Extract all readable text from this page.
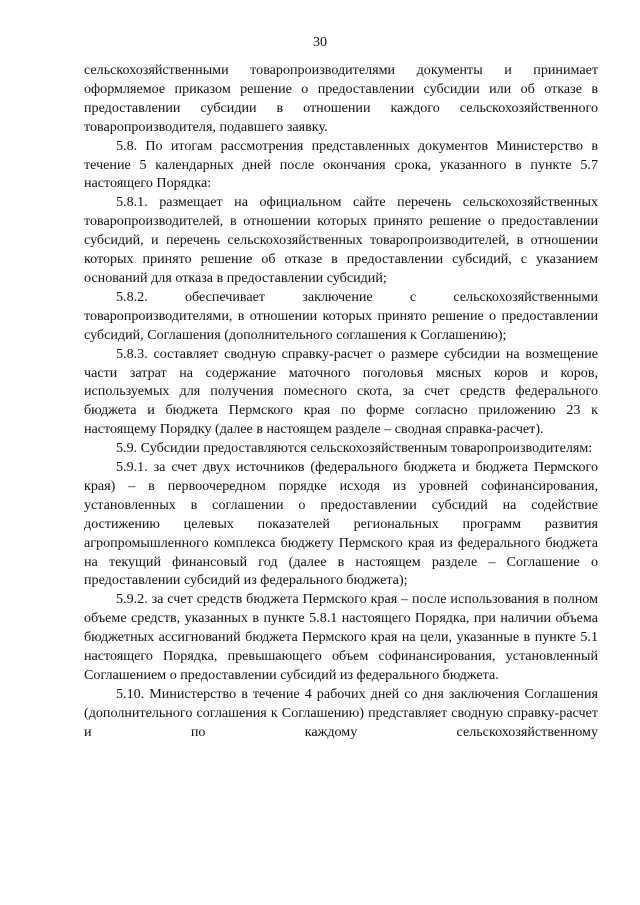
30

сельскохозяйственными товаропроизводителями документы и принимает оформляемое приказом решение о предоставлении субсидии или об отказе в предоставлении субсидии в отношении каждого сельскохозяйственного товаропроизводителя, подавшего заявку.

5.8. По итогам рассмотрения представленных документов Министерство в течение 5 календарных дней после окончания срока, указанного в пункте 5.7 настоящего Порядка:

5.8.1. размещает на официальном сайте перечень сельскохозяйственных товаропроизводителей, в отношении которых принято решение о предоставлении субсидий, и перечень сельскохозяйственных товаропроизводителей, в отношении которых принято решение об отказе в предоставлении субсидий, с указанием оснований для отказа в предоставлении субсидий;

5.8.2. обеспечивает заключение с сельскохозяйственными товаропроизводителями, в отношении которых принято решение о предоставлении субсидий, Соглашения (дополнительного соглашения к Соглашению);

5.8.3. составляет сводную справку-расчет о размере субсидии на возмещение части затрат на содержание маточного поголовья мясных коров и коров, используемых для получения помесного скота, за счет средств федерального бюджета и бюджета Пермского края по форме согласно приложению 23 к настоящему Порядку (далее в настоящем разделе – сводная справка-расчет).

5.9. Субсидии предоставляются сельскохозяйственным товаропроизводителям:

5.9.1. за счет двух источников (федерального бюджета и бюджета Пермского края) – в первоочередном порядке исходя из уровней софинансирования, установленных в соглашении о предоставлении субсидий на содействие достижению целевых показателей региональных программ развития агропромышленного комплекса бюджету Пермского края из федерального бюджета на текущий финансовый год (далее в настоящем разделе – Соглашение о предоставлении субсидий из федерального бюджета);

5.9.2. за счет средств бюджета Пермского края – после использования в полном объеме средств, указанных в пункте 5.8.1 настоящего Порядка, при наличии объема бюджетных ассигнований бюджета Пермского края на цели, указанные в пункте 5.1 настоящего Порядка, превышающего объем софинансирования, установленный Соглашением о предоставлении субсидий из федерального бюджета.

5.10. Министерство в течение 4 рабочих дней со дня заключения Соглашения (дополнительного соглашения к Соглашению) представляет сводную справку-расчет и по каждому сельскохозяйственному
